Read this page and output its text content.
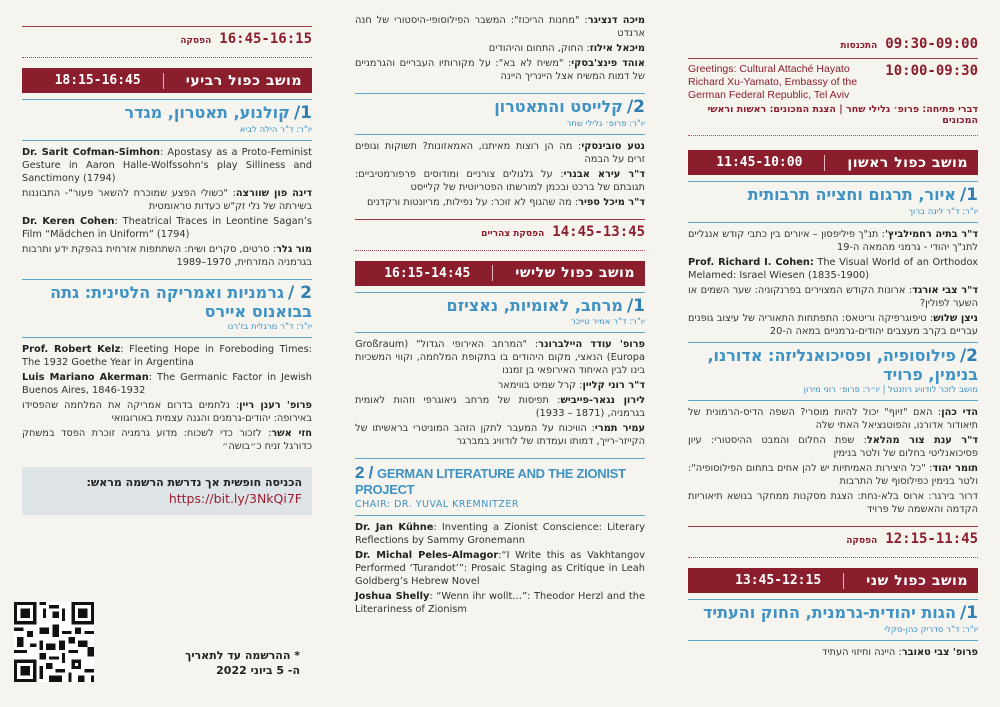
09:30-09:00
התכנסות
10:00-09:30
Greetings: Cultural Attaché Hayato Richard Xu-Yamato, Embassy of the German Federal Republic, Tel Aviv
דברי פתיחה: פרופ׳ גלילי שחר | הצגת המכונים: ראשות וראשי המכונים
מושב כפול ראשון
11:45-10:00
1/איור, תרגום וחצייה תרבותית
יו"ר: ד"ר לינה ברוך
ד"ר בתיה רחמילביץ': תנ"ך פיליפסון – איורים בין כתבי קודש אנגליים לתנ"ך יהודי - גרמני מהמאה ה-19
Prof. Richard I. Cohen: The Visual World of an Orthodox Melamed: Israel Wiesen (1835-1900)
ד"ר צבי אורגד: ארונות הקודש המצוירים בפרנקוניה: שער השמים או השער לפולין?
ניצן שלוש: טיפוגרפיקה וריטאס: התפתחות התאוריה של עיצוב גופנים עבריים בקרב מעצבים יהודים-גרמניים במאה ה-20
2/פילוסופיה, ופסיכואנליזה: אדורנו, בנימין, פרויד
מושב לזכר לודוויג רוזנטל | יו״ר: פרופ׳ רוני מירון
הדי כהן: האם "זיוף" יכול להיות מוסרי? השפה הדיס-הרמונית של תיאודור אדורנו, והפוטנציאל האתי שלה
ד"ר ענת צור מהלאל: שפת החלום והמבט ההיסטורי: עיון פסיכואנליטי בחלום של ולטר בנימין
תומר יהוד: "כל היצירות האמיתיות יש להן אחים בתחום הפילוסופיה": ולטר בנימין כפילוסוף של התרבות
דרור בירגר: ארוס בלא-נחת: הצגת מסקנות ממחקר בנושא תיאוריות הקדמה והאשמה של פרויד
12:15-11:45
הפסקה
מושב כפול שני
13:45-12:15
1/הגות יהודית-גרמנית, החוק והעתיד
יו"ר: ד"ר סדריק כהן-סקלי
פרופ' צבי טאובר: היינה וחיזוי העתיד
מיכה דנציגר: "מחנות הריכוז": המשבר הפילוסופי-היסטורי של חנה ארנדט
מיכאל אילוז: החוק, התחום והיהודים
אוהד פינצ'בסקי: "משיח לא בא": על מקורותיו העבריים והגרמניים של דמות המשיח אצל היינריך היינה
2/קלייסט והתאטרון
יו"ר: פרופ׳ גלילי שחר
נטע סובינסקי: מה הן רוצות מאיתנו, האמאזונות? תשוקות וגופים זרים על הבמה
ד"ר עירא אבנרי: על גלגולים צורניים ומודוסים פרפורמטיביים: תגובתם של ברכט ובכמן למורשתו הפטריוטית של קלייסט
ד"ר מיכל ספיר: מה שהגוף לא זוכר: על נפילות, מריונטות ורקדנים
14:45-13:45
הפסקת צהריים
מושב כפול שלישי
16:15-14:45
1/מרחב, לאומיות, נאציזם
יו"ר: ד"ר אמיר טייכר
פרופ' עודד היילברונר: "המרחב האירופי הגדול" (Großraum Europa) הנאצי, מקום היהודים בו בתקופת המלחמה, וקווי המשכיות בינו לבין האיחוד האירופאי בן זמננו
ד"ר רוני קליין: קרל שמיט בווימאר
לירון נגאר-פייביש: תפיסות של מרחב גיאוגרפי וזהות לאומית בגרמניה, (1871 – 1933)
עמיר תמרי: הוויכוח על המעבר לתקן הזהב המוניטרי בראשיתו של הקייזר-רייך, דמותו ועמדתו של לודוויג במברגר
2 / GERMAN LITERATURE AND THE ZIONIST PROJECT
CHAIR: DR. YUVAL KREMNITZER
Dr. Jan Kühne: Inventing a Zionist Conscience: Literary Reflections by Sammy Gronemann
Dr. Michal Peles-Almagor:“I Write this as Vakhtangov Performed ‘Turandot’”: Prosaic Staging as Critique in Leah Goldberg’s Hebrew Novel
Joshua Shelly: “Wenn ihr wollt…”: Theodor Herzl and the Literariness of Zionism
16:45-16:15
הפסקה
מושב כפול רביעי
18:15-16:45
1/קולנוע, תאטרון, מגדר
יו"ר: ד"ר הילה לביא
Dr. Sarit Cofman-Simhon: Apostasy as a Proto-Feminist Gesture in Aaron Halle-Wolfssohn's play Silliness and Sanctimony (1794)
דינה פון שוורצה: "כשולי הפצע שמוכרח להשאר פעור"- התבוננות בשירתה של נלי זק"ש כעדות טראומטית
Dr. Keren Cohen: Theatrical Traces in Leontine Sagan’s Film “Mädchen in Uniform” (1794)
מור גלר: סרטים, סקרים ושיח: השתתפות אזרחית בהפקת ידע ותרבות בגרמניה המזרחית, 1970–1989
2 /גרמניות ואמריקה הלטינית: גתה בבואנוס איירס
יו"ר: ד"ר מרגלית בז'רנו
Prof. Robert Kelz: Fleeting Hope in Foreboding Times: The 1932 Goethe Year in Argentina
Luis Mariano Akerman: The Germanic Factor in Jewish Buenos Aires, 1846-1932
פרופ' רענן ריין: נלחמים בדרום אמריקה את המלחמה שהפסידו באירופה: יהודים-גרמנים והגנה עצמית באורוגוואי
חזי אשר: לזכור כדי לשכוח: מדוע גרמניה זוכרת הפסד במשחק כדורגל זניח כ״בושה״
הכניסה חופשית אך נדרשת הרשמה מראש:
https://bit.ly/3NkQi7F
* ההרשמה עד לתאריך
ה- 5 ביוני 2022
